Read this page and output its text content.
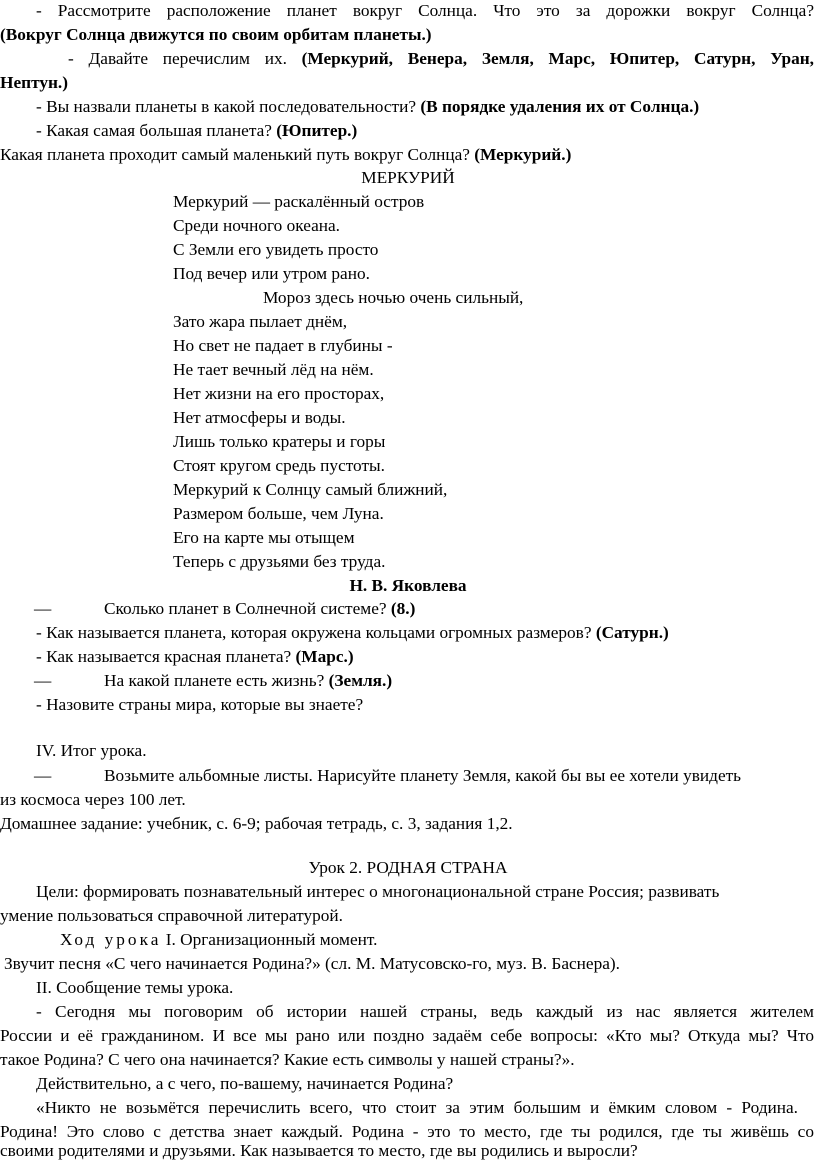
- Рассмотрите расположение планет вокруг Солнца. Что это за дорожки вокруг Солнца?
(Вокруг Солнца движутся по своим орбитам планеты.)
- Давайте перечислим их. (Меркурий, Венера, Земля, Марс, Юпитер, Сатурн, Уран,
Нептун.)
- Вы назвали планеты в какой последовательности? (В порядке удаления их от Солнца.)
- Какая самая большая планета? (Юпитер.)
Какая планета проходит самый маленький путь вокруг Солнца? (Меркурий.)
МЕРКУРИЙ
Меркурий — раскалённый остров
Среди ночного океана.
С Земли его увидеть просто
Под вечер или утром рано.
Мороз здесь ночью очень сильный,
Зато жара пылает днём,
Но свет не падает в глубины -
Не тает вечный лёд на нём.
Нет жизни на его просторах,
Нет атмосферы и воды.
Лишь только кратеры и горы
Стоят кругом средь пустоты.
Меркурий к Солнцу самый ближний,
Размером больше, чем Луна.
Его на карте мы отыщем
Теперь с друзьями без труда.
Н. В. Яковлева
—	Сколько планет в Солнечной системе? (8.)
- Как называется планета, которая окружена кольцами огромных размеров? (Сатурн.)
- Как называется красная планета? (Марс.)
—	На какой планете есть жизнь? (Земля.)
- Назовите страны мира, которые вы знаете?
IV. Итог урока.
—	Возьмите альбомные листы. Нарисуйте планету Земля, какой бы вы ее хотели увидеть
из космоса через 100 лет.
Домашнее задание: учебник, с. 6-9; рабочая тетрадь, с. 3, задания 1,2.
Урок 2. РОДНАЯ СТРАНА
Цели: формировать познавательный интерес о многонациональной стране Россия; развивать
умение пользоваться справочной литературой.
Ход урока I. Организационный момент.
Звучит песня «С чего начинается Родина?» (сл. М. Матусовско-го, муз. В. Баснера).
II. Сообщение темы урока.
- Сегодня мы поговорим об истории нашей страны, ведь каждый из нас является жителем
России и её гражданином. И все мы рано или поздно задаём себе вопросы: «Кто мы? Откуда мы? Что
такое Родина? С чего она начинается? Какие есть символы у нашей страны?».
Действительно, а с чего, по-вашему, начинается Родина?
«Никто не возьмётся перечислить всего, что стоит за этим большим и ёмким словом - Родина.
Родина! Это слово с детства знает каждый. Родина - это то место, где ты родился, где ты живёшь со
своими родителями и друзьями. Как называется то место, где вы родились и выросли?
